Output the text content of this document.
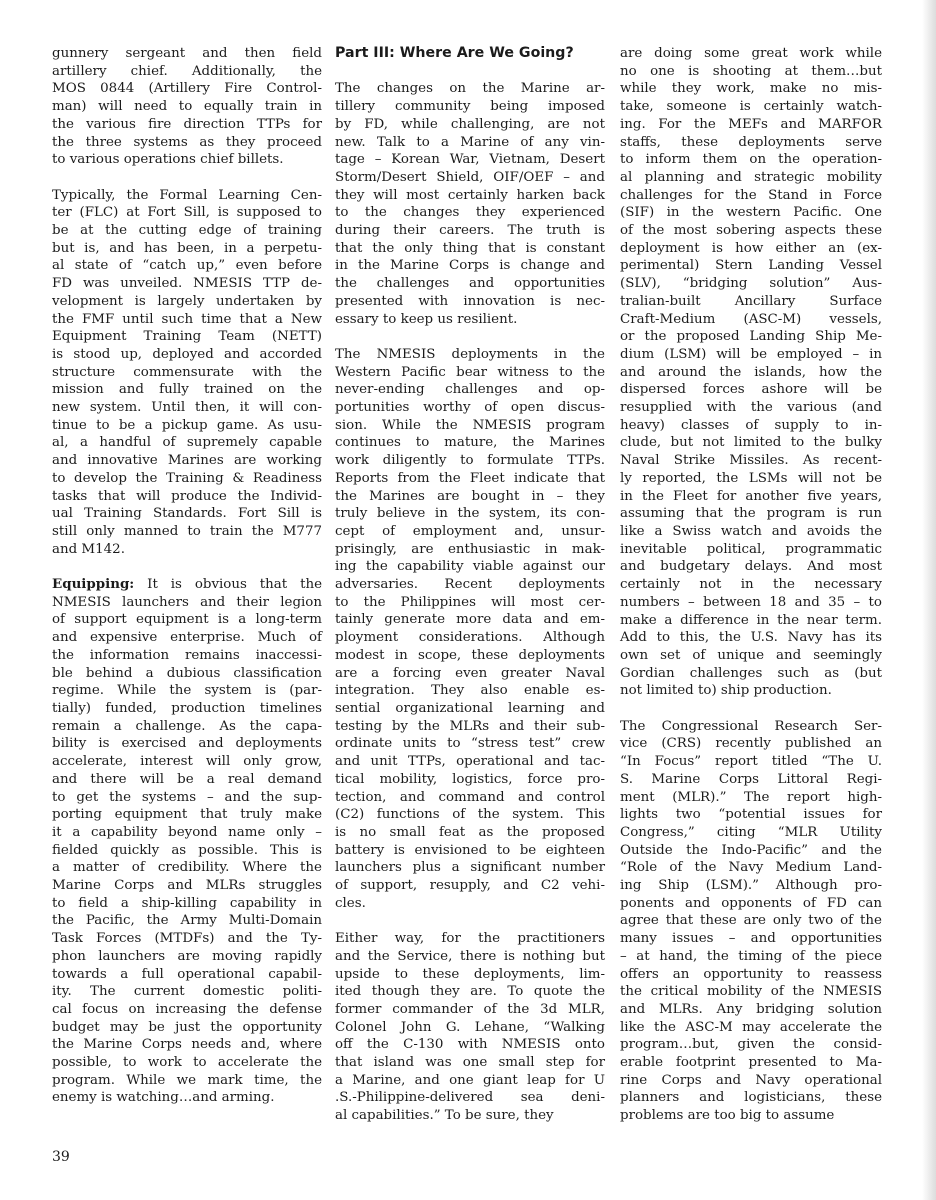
gunnery sergeant and then field
artillery chief. Additionally, the
MOS 0844 (Artillery Fire Control-
man) will need to equally train in
the various fire direction TTPs for
the three systems as they proceed
to various operations chief billets.
Typically, the Formal Learning Cen-
ter (FLC) at Fort Sill, is supposed to
be at the cutting edge of training
but is, and has been, in a perpetu-
al state of “catch up,” even before
FD was unveiled. NMESIS TTP de-
velopment is largely undertaken by
the FMF until such time that a New
Equipment Training Team (NETT)
is stood up, deployed and accorded
structure commensurate with the
mission and fully trained on the
new system. Until then, it will con-
tinue to be a pickup game. As usu-
al, a handful of supremely capable
and innovative Marines are working
to develop the Training & Readiness
tasks that will produce the Individ-
ual Training Standards. Fort Sill is
still only manned to train the M777
and M142.
Equipping: It is obvious that the
NMESIS launchers and their legion
of support equipment is a long-term
and expensive enterprise. Much of
the information remains inaccessi-
ble behind a dubious classification
regime. While the system is (par-
tially) funded, production timelines
remain a challenge. As the capa-
bility is exercised and deployments
accelerate, interest will only grow,
and there will be a real demand
to get the systems – and the sup-
porting equipment that truly make
it a capability beyond name only –
fielded quickly as possible. This is
a matter of credibility. Where the
Marine Corps and MLRs struggles
to field a ship-killing capability in
the Pacific, the Army Multi-Domain
Task Forces (MTDFs) and the Ty-
phon launchers are moving rapidly
towards a full operational capabil-
ity. The current domestic politi-
cal focus on increasing the defense
budget may be just the opportunity
the Marine Corps needs and, where
possible, to work to accelerate the
program. While we mark time, the
enemy is watching…and arming.
Part III: Where Are We Going?
The changes on the Marine ar-
tillery community being imposed
by FD, while challenging, are not
new. Talk to a Marine of any vin-
tage – Korean War, Vietnam, Desert
Storm/Desert Shield, OIF/OEF – and
they will most certainly harken back
to the changes they experienced
during their careers. The truth is
that the only thing that is constant
in the Marine Corps is change and
the challenges and opportunities
presented with innovation is nec-
essary to keep us resilient.
The NMESIS deployments in the
Western Pacific bear witness to the
never-ending challenges and op-
portunities worthy of open discus-
sion. While the NMESIS program
continues to mature, the Marines
work diligently to formulate TTPs.
Reports from the Fleet indicate that
the Marines are bought in – they
truly believe in the system, its con-
cept of employment and, unsur-
prisingly, are enthusiastic in mak-
ing the capability viable against our
adversaries. Recent deployments
to the Philippines will most cer-
tainly generate more data and em-
ployment considerations. Although
modest in scope, these deployments
are a forcing even greater Naval
integration. They also enable es-
sential organizational learning and
testing by the MLRs and their sub-
ordinate units to “stress test” crew
and unit TTPs, operational and tac-
tical mobility, logistics, force pro-
tection, and command and control
(C2) functions of the system. This
is no small feat as the proposed
battery is envisioned to be eighteen
launchers plus a significant number
of support, resupply, and C2 vehi-
cles.
Either way, for the practitioners
and the Service, there is nothing but
upside to these deployments, lim-
ited though they are. To quote the
former commander of the 3d MLR,
Colonel John G. Lehane, “Walking
off the C-130 with NMESIS onto
that island was one small step for
a Marine, and one giant leap for U
.S.-Philippine-delivered sea deni-
al capabilities.” To be sure, they
are doing some great work while
no one is shooting at them…but
while they work, make no mis-
take, someone is certainly watch-
ing. For the MEFs and MARFOR
staffs, these deployments serve
to inform them on the operation-
al planning and strategic mobility
challenges for the Stand in Force
(SIF) in the western Pacific. One
of the most sobering aspects these
deployment is how either an (ex-
perimental) Stern Landing Vessel
(SLV), “bridging solution” Aus-
tralian-built Ancillary Surface
Craft-Medium (ASC-M) vessels,
or the proposed Landing Ship Me-
dium (LSM) will be employed – in
and around the islands, how the
dispersed forces ashore will be
resupplied with the various (and
heavy) classes of supply to in-
clude, but not limited to the bulky
Naval Strike Missiles. As recent-
ly reported, the LSMs will not be
in the Fleet for another five years,
assuming that the program is run
like a Swiss watch and avoids the
inevitable political, programmatic
and budgetary delays. And most
certainly not in the necessary
numbers – between 18 and 35 – to
make a difference in the near term.
Add to this, the U.S. Navy has its
own set of unique and seemingly
Gordian challenges such as (but
not limited to) ship production.
The Congressional Research Ser-
vice (CRS) recently published an
“In Focus” report titled “The U.
S. Marine Corps Littoral Regi-
ment (MLR).” The report high-
lights two “potential issues for
Congress,” citing “MLR Utility
Outside the Indo-Pacific” and the
“Role of the Navy Medium Land-
ing Ship (LSM).” Although pro-
ponents and opponents of FD can
agree that these are only two of the
many issues – and opportunities
– at hand, the timing of the piece
offers an opportunity to reassess
the critical mobility of the NMESIS
and MLRs. Any bridging solution
like the ASC-M may accelerate the
program…but, given the consid-
erable footprint presented to Ma-
rine Corps and Navy operational
planners and logisticians, these
problems are too big to assume
39
